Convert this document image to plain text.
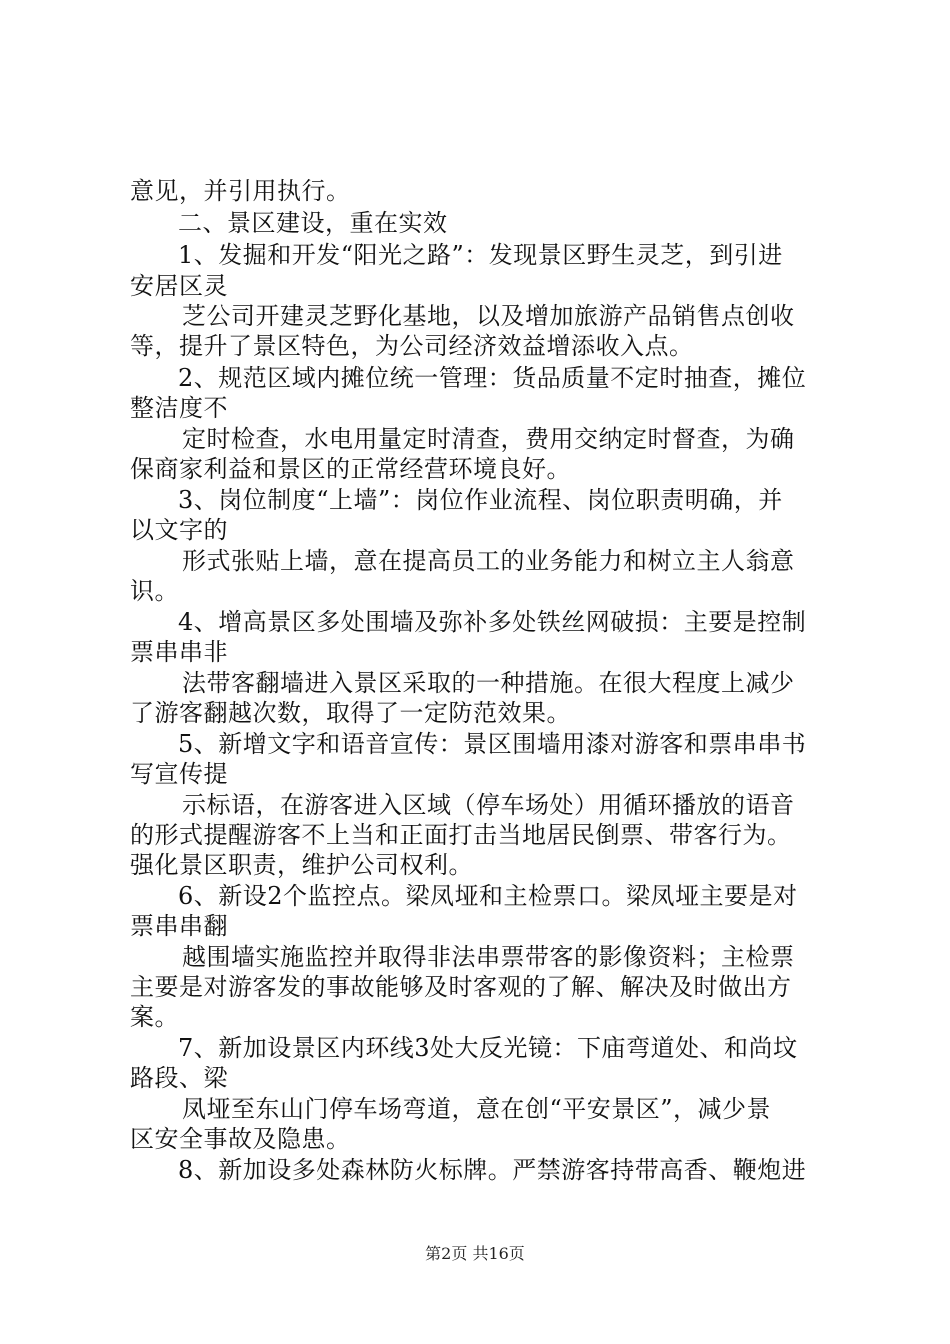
意见，并引用执行。
二、景区建设，重在实效
1、发掘和开发“阳光之路”：发现景区野生灵芝，到引进
安居区灵
芝公司开建灵芝野化基地，以及增加旅游产品销售点创收
等，提升了景区特色，为公司经济效益增添收入点。
2、规范区域内摊位统一管理：货品质量不定时抽查，摊位
整洁度不
定时检查，水电用量定时清查，费用交纳定时督查，为确
保商家利益和景区的正常经营环境良好。
3、岗位制度“上墙”：岗位作业流程、岗位职责明确，并
以文字的
形式张贴上墙，意在提高员工的业务能力和树立主人翁意
识。
4、增高景区多处围墙及弥补多处铁丝网破损：主要是控制
票串串非
法带客翻墙进入景区采取的一种措施。在很大程度上减少
了游客翻越次数，取得了一定防范效果。
5、新增文字和语音宣传：景区围墙用漆对游客和票串串书
写宣传提
示标语，在游客进入区域（停车场处）用循环播放的语音
的形式提醒游客不上当和正面打击当地居民倒票、带客行为。
强化景区职责，维护公司权利。
6、新设2个监控点。梁凤垭和主检票口。梁凤垭主要是对
票串串翻
越围墙实施监控并取得非法串票带客的影像资料；主检票
主要是对游客发的事故能够及时客观的了解、解决及时做出方
案。
7、新加设景区内环线3处大反光镜：下庙弯道处、和尚坟
路段、梁
凤垭至东山门停车场弯道，意在创“平安景区”，减少景
区安全事故及隐患。
8、新加设多处森林防火标牌。严禁游客持带高香、鞭炮进
第2页 共16页
